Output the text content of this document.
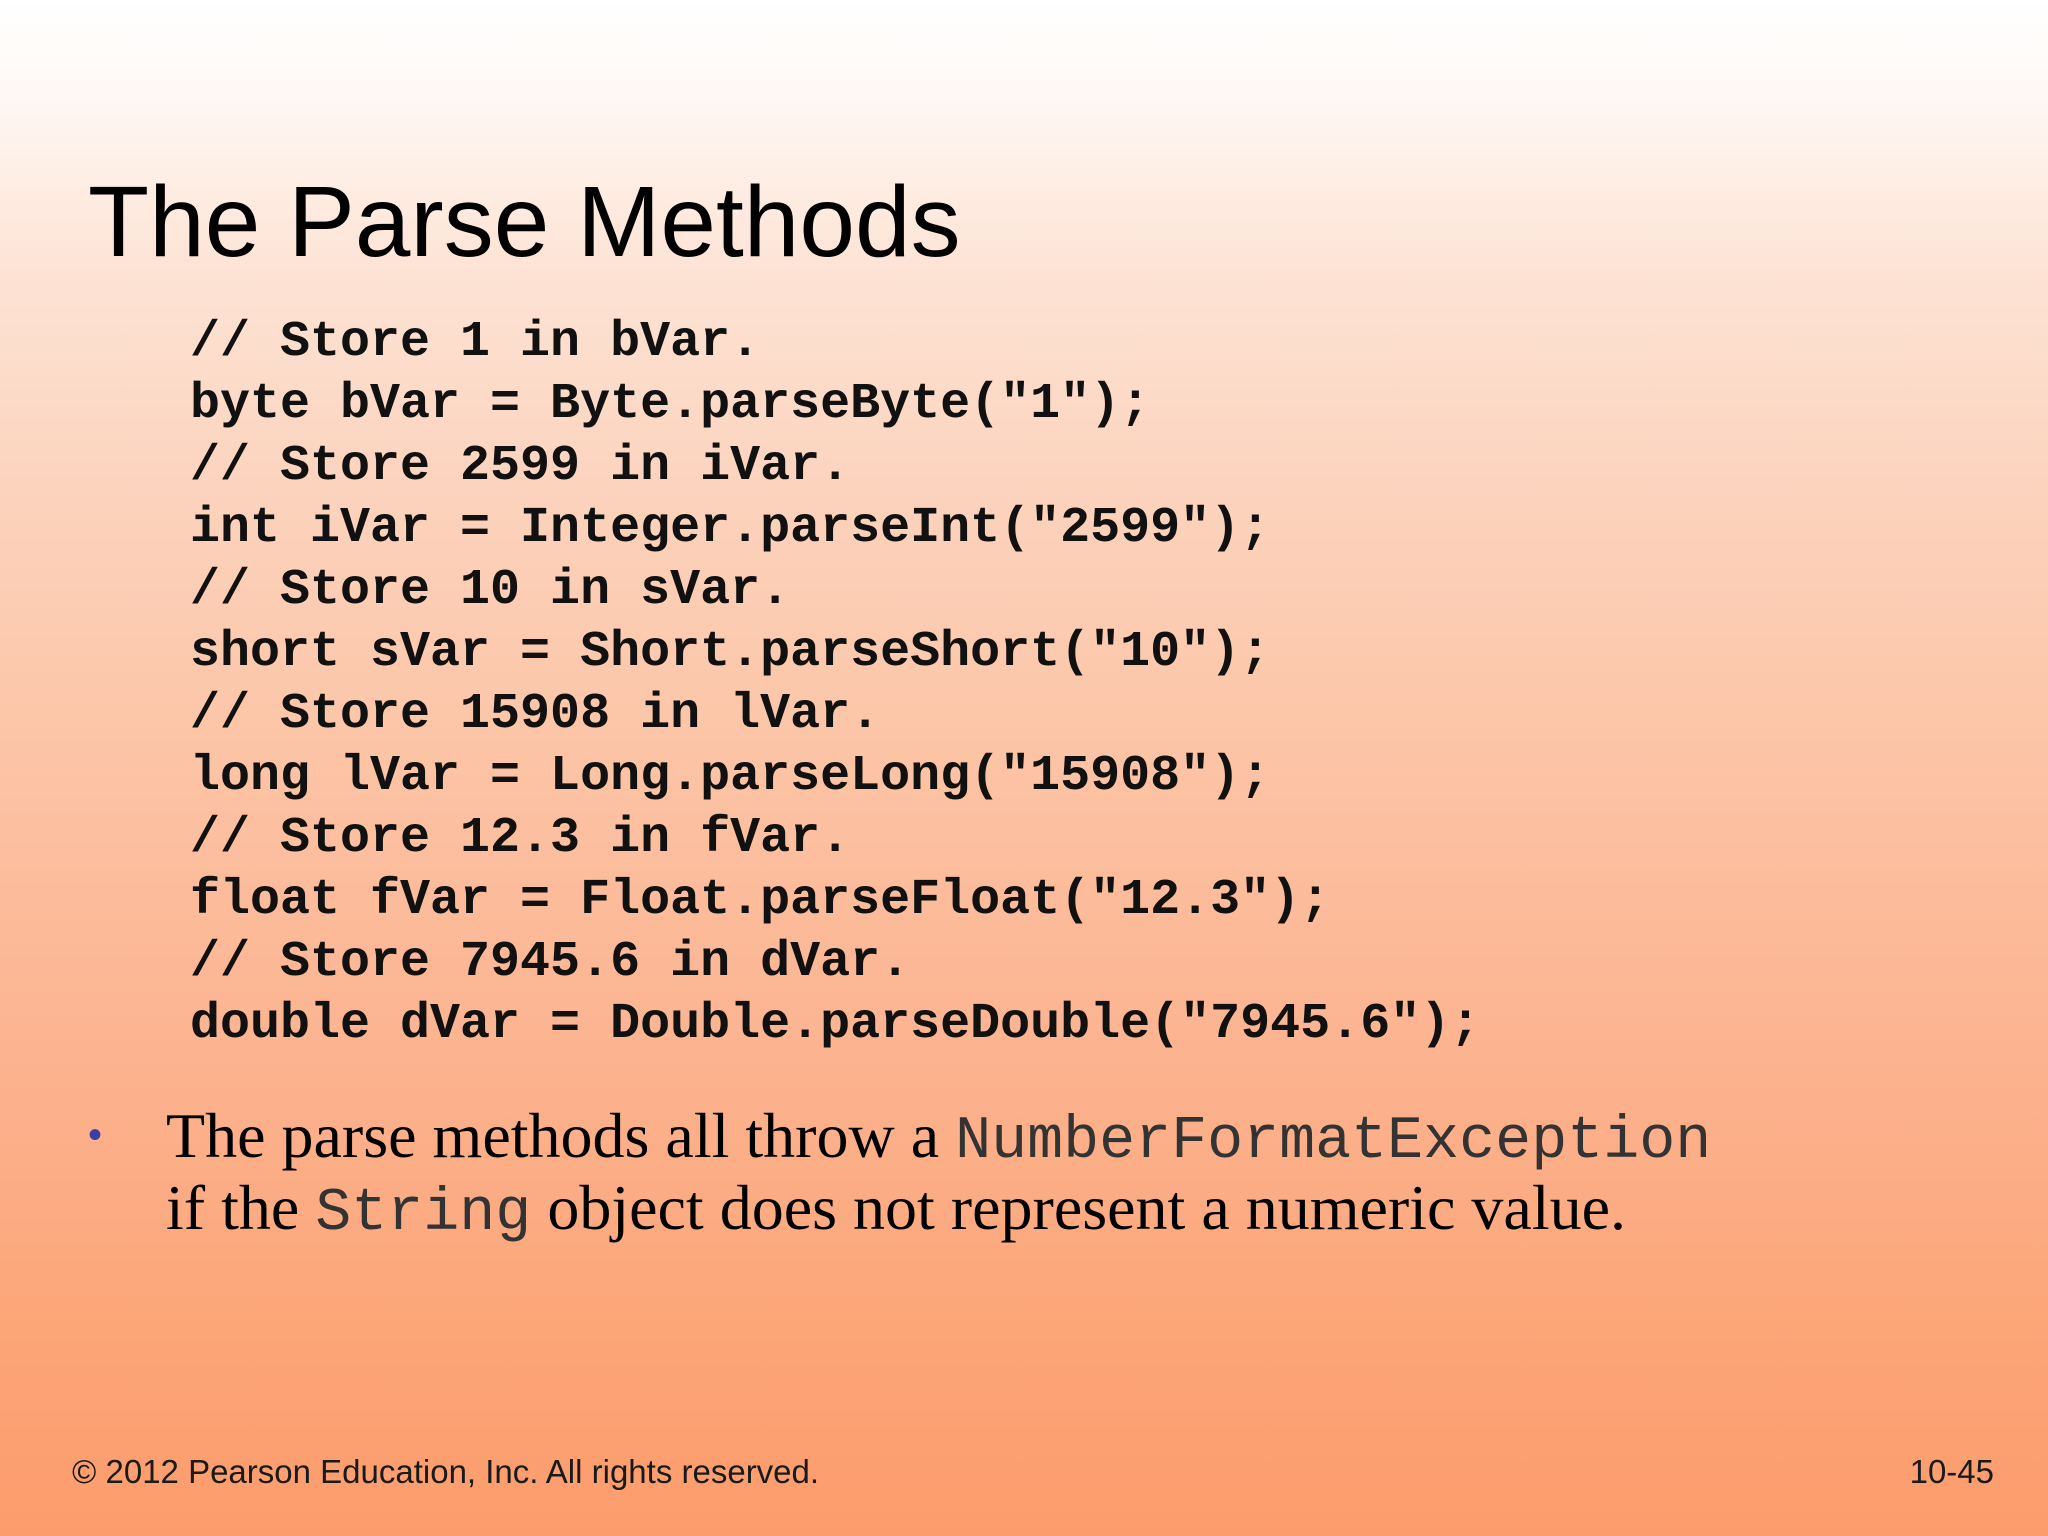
The Parse Methods
// Store 1 in bVar.
byte bVar = Byte.parseByte("1");
// Store 2599 in iVar.
int iVar = Integer.parseInt("2599");
// Store 10 in sVar.
short sVar = Short.parseShort("10");
// Store 15908 in lVar.
long lVar = Long.parseLong("15908");
// Store 12.3 in fVar.
float fVar = Float.parseFloat("12.3");
// Store 7945.6 in dVar.
double dVar = Double.parseDouble("7945.6");
• The parse methods all throw a NumberFormatException
if the String object does not represent a numeric value.
© 2012 Pearson Education, Inc. All rights reserved.	10-45
